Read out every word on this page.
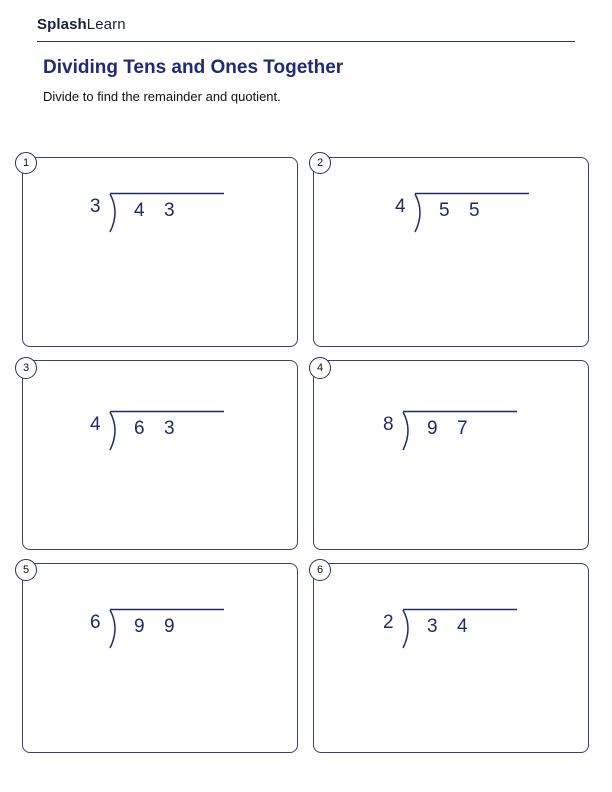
SplashLearn
Dividing Tens and Ones Together

Divide to find the remainder and quotient.

1
3 4 3
2
4 5 5
3
4 6 3
4
8 9 7
5
6 9 9
6
2 3 4
